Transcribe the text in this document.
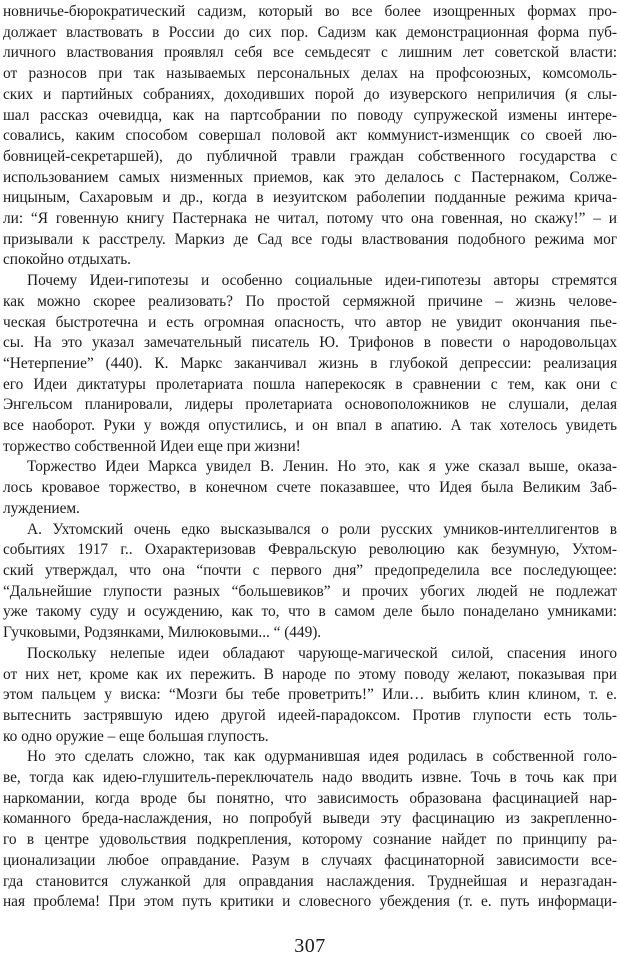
новничье-бюрократический садизм, который во все более изощренных формах про-
должает властвовать в России до сих пор. Садизм как демонстрационная форма пуб-
личного властвования проявлял себя все семьдесят с лишним лет советской власти:
от разносов при так называемых персональных делах на профсоюзных, комсомоль-
ских и партийных собраниях, доходивших порой до изуверского неприличия (я слы-
шал рассказ очевидца, как на партсобрании по поводу супружеской измены интере-
совались, каким способом совершал половой акт коммунист-изменщик со своей лю-
бовницей-секретаршей), до публичной травли граждан собственного государства с
использованием самых низменных приемов, как это делалось с Пастернаком, Солже-
ницыным, Сахаровым и др., когда в иезуитском раболепии подданные режима крича-
ли: “Я говенную книгу Пастернака не читал, потому что она говенная, но скажу!” – и
призывали к расстрелу. Маркиз де Сад все годы властвования подобного режима мог
спокойно отдыхать.
Почему Идеи-гипотезы и особенно социальные идеи-гипотезы авторы стремятся
как можно скорее реализовать? По простой сермяжной причине – жизнь челове-
ческая быстротечна и есть огромная опасность, что автор не увидит окончания пье-
сы. На это указал замечательный писатель Ю. Трифонов в повести о народовольцах
“Нетерпение” (440). К. Маркс заканчивал жизнь в глубокой депрессии: реализация
его Идеи диктатуры пролетариата пошла наперекосяк в сравнении с тем, как они с
Энгельсом планировали, лидеры пролетариата основоположников не слушали, делая
все наоборот. Руки у вождя опустились, и он впал в апатию. А так хотелось увидеть
торжество собственной Идеи еще при жизни!
Торжество Идеи Маркса увидел В. Ленин. Но это, как я уже сказал выше, оказа-
лось кровавое торжество, в конечном счете показавшее, что Идея была Великим Заб-
луждением.
А. Ухтомский очень едко высказывался о роли русских умников-интеллигентов в
событиях 1917 г.. Охарактеризовав Февральскую революцию как безумную, Ухтом-
ский утверждал, что она “почти с первого дня” предопределила все последующее:
“Дальнейшие глупости разных “большевиков” и прочих убогих людей не подлежат
уже такому суду и осуждению, как то, что в самом деле было понаделано умниками:
Гучковыми, Родзянками, Милюковыми... “ (449).
Поскольку нелепые идеи обладают чарующе-магической силой, спасения иного
от них нет, кроме как их пережить. В народе по этому поводу желают, показывая при
этом пальцем у виска: “Мозги бы тебе проветрить!” Или… выбить клин клином, т. е.
вытеснить застрявшую идею другой идеей-парадоксом. Против глупости есть толь-
ко одно оружие – еще большая глупость.
Но это сделать сложно, так как одурманившая идея родилась в собственной голо-
ве, тогда как идею-глушитель-переключатель надо вводить извне. Точь в точь как при
наркомании, когда вроде бы понятно, что зависимость образована фасцинацией нар-
команного бреда-наслаждения, но попробуй выведи эту фасцинацию из закрепленно-
го в центре удовольствия подкрепления, которому сознание найдет по принципу ра-
ционализации любое оправдание. Разум в случаях фасцинаторной зависимости все-
гда становится служанкой для оправдания наслаждения. Труднейшая и неразгадан-
ная проблема! При этом путь критики и словесного убеждения (т. е. путь информаци-
307
